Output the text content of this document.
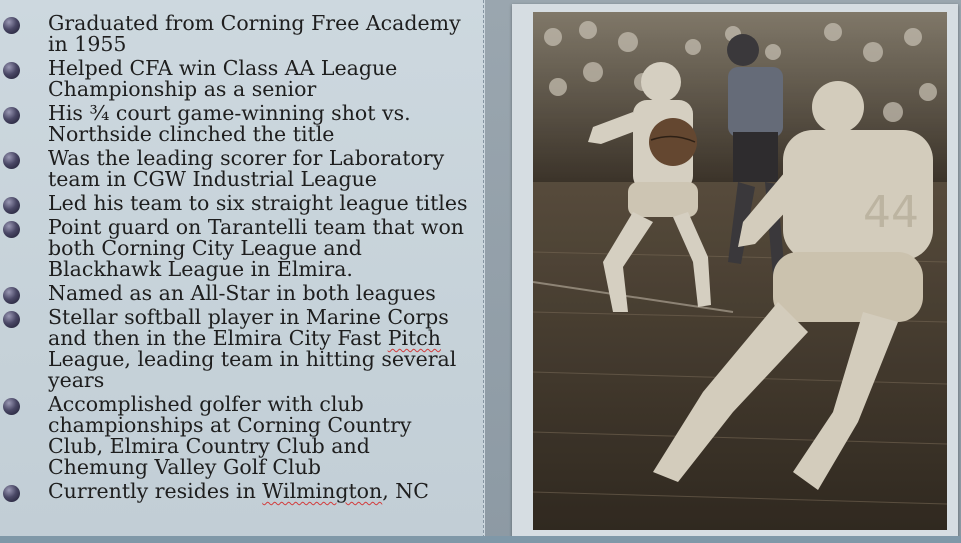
Graduated from Corning Free Academy in 1955
Helped CFA win Class AA League Championship as a senior
His ¾ court game-winning shot vs. Northside clinched the title
Was the leading scorer for Laboratory team in CGW Industrial League
Led his team to six straight league titles
Point guard on Tarantelli team that won both Corning City League and Blackhawk League in Elmira.
Named as an All-Star in both leagues
Stellar softball player in Marine Corps and then in the Elmira City Fast Pitch League, leading team in hitting several years
Accomplished golfer with club championships at Corning Country Club, Elmira Country Club and Chemung Valley Golf Club
Currently resides in Wilmington, NC
44
